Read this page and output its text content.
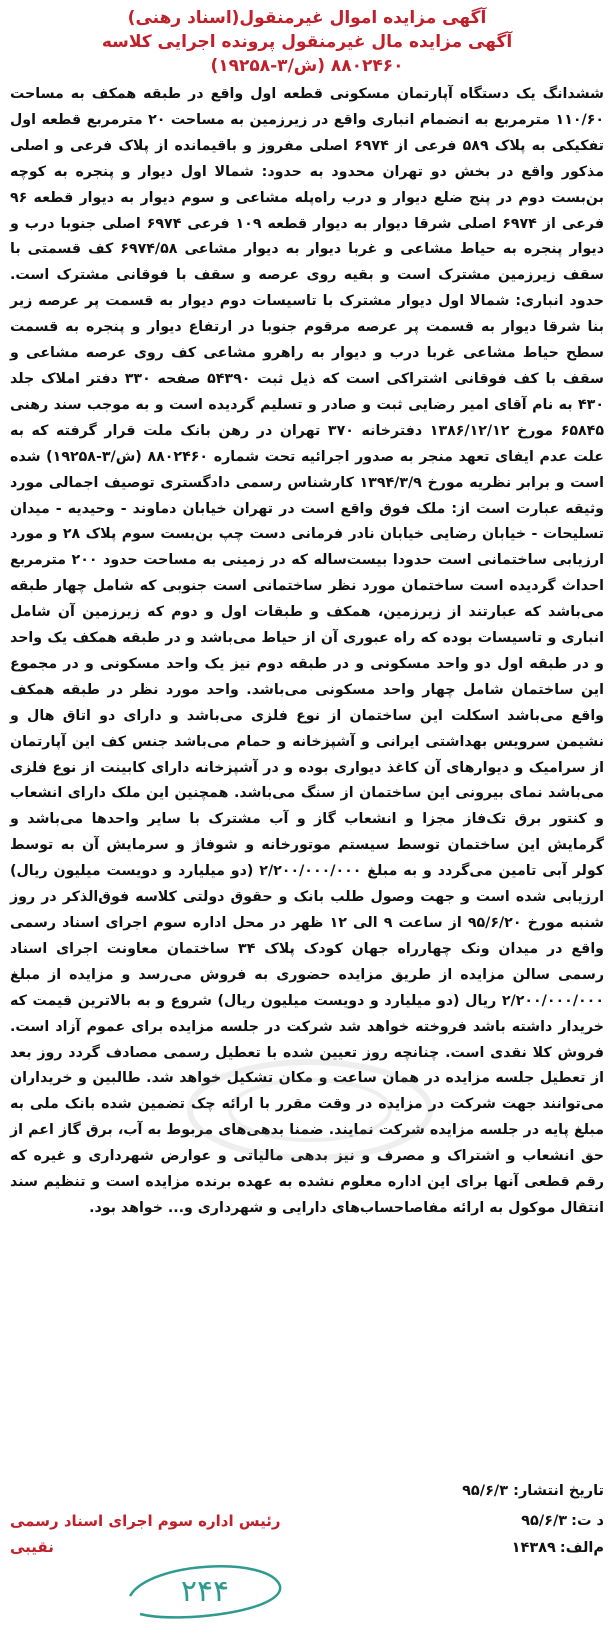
آگهی مزایده اموال غیرمنقول(اسناد رهنی)
آگهی مزایده مال غیرمنقول پرونده اجرایی کلاسه
۸۸۰۲۴۶۰ (ش/۳-۱۹۲۵۸)

ششدانگ یک دستگاه آپارتمان مسکونی قطعه اول واقع در طبقه همکف به مساحت ۱۱۰/۶۰ مترمربع به انضمام انباری واقع در زیرزمین به مساحت ۲۰ مترمربع قطعه اول تفکیکی به پلاک ۵۸۹ فرعی از ۶۹۷۴ اصلی مفروز و باقیمانده از پلاک فرعی و اصلی مذکور واقع در بخش دو تهران محدود به حدود: شمالا اول دیوار و پنجره به کوچه بن‌بست دوم در پنج ضلع دیوار و درب راه‌پله مشاعی و سوم دیوار به دیوار قطعه ۹۶ فرعی از ۶۹۷۴ اصلی شرقا دیوار به دیوار قطعه ۱۰۹ فرعی ۶۹۷۴ اصلی جنوبا درب و دیوار پنجره به حیاط مشاعی و غربا دیوار به دیوار مشاعی ۶۹۷۴/۵۸ کف قسمتی با سقف زیرزمین مشترک است و بقیه روی عرصه و سقف با فوقانی مشترک است. حدود انباری: شمالا اول دیوار مشترک با تاسیسات دوم دیوار به قسمت پر عرصه زیر بنا شرقا دیوار به قسمت پر عرصه مرقوم جنوبا در ارتفاع دیوار و پنجره به قسمت سطح حیاط مشاعی غربا درب و دیوار به راهرو مشاعی کف روی عرصه مشاعی و سقف با کف فوقانی اشتراکی است که ذیل ثبت ۵۴۳۹۰ صفحه ۳۳۰ دفتر املاک جلد ۴۳۰ به نام آقای امیر رضایی ثبت و صادر و تسلیم گردیده است و به موجب سند رهنی ۶۵۸۴۵ مورخ ۱۳۸۶/۱۲/۱۲ دفترخانه ۳۷۰ تهران در رهن بانک ملت قرار گرفته که به علت عدم ایفای تعهد منجر به صدور اجرائیه تحت شماره ۸۸۰۲۴۶۰ (ش/۳-۱۹۲۵۸) شده است و برابر نظریه مورخ ۱۳۹۴/۳/۹ کارشناس رسمی دادگستری توصیف اجمالی مورد وثیقه عبارت است از: ملک فوق واقع است در تهران خیابان دماوند - وحیدیه - میدان تسلیحات - خیابان رضایی خیابان نادر فرمانی دست چپ بن‌بست سوم پلاک ۲۸ و مورد ارزیابی ساختمانی است حدودا بیست‌ساله که در زمینی به مساحت حدود ۲۰۰ مترمربع احداث گردیده است ساختمان مورد نظر ساختمانی است جنوبی که شامل چهار طبقه می‌باشد که عبارتند از زیرزمین، همکف و طبقات اول و دوم که زیرزمین آن شامل انباری و تاسیسات بوده که راه عبوری آن از حیاط می‌باشد و در طبقه همکف یک واحد و در طبقه اول دو واحد مسکونی و در طبقه دوم نیز یک واحد مسکونی و در مجموع این ساختمان شامل چهار واحد مسکونی می‌باشد. واحد مورد نظر در طبقه همکف واقع می‌باشد اسکلت این ساختمان از نوع فلزی می‌باشد و دارای دو اتاق هال و نشیمن سرویس بهداشتی ایرانی و آشپزخانه و حمام می‌باشد جنس کف این آپارتمان از سرامیک و دیوارهای آن کاغذ دیواری بوده و در آشپزخانه دارای کابینت از نوع فلزی می‌باشد نمای بیرونی این ساختمان از سنگ می‌باشد. همچنین این ملک دارای انشعاب و کنتور برق تک‌فاز مجزا و انشعاب گاز و آب مشترک با سایر واحدها می‌باشد و گرمایش این ساختمان توسط سیستم موتورخانه و شوفاژ و سرمایش آن به توسط کولر آبی تامین می‌گردد و به مبلغ ۲/۲۰۰/۰۰۰/۰۰۰ (دو میلیارد و دویست میلیون ریال) ارزیابی شده است و جهت وصول طلب بانک و حقوق دولتی کلاسه فوق‌الذکر در روز شنبه مورخ ۹۵/۶/۲۰ از ساعت ۹ الی ۱۲ ظهر در محل اداره سوم اجرای اسناد رسمی واقع در میدان ونک چهارراه جهان کودک پلاک ۳۴ ساختمان معاونت اجرای اسناد رسمی سالن مزایده از طریق مزایده حضوری به فروش می‌رسد و مزایده از مبلغ ۲/۲۰۰/۰۰۰/۰۰۰ ریال (دو میلیارد و دویست میلیون ریال) شروع و به بالاترین قیمت که خریدار داشته باشد فروخته خواهد شد شرکت در جلسه مزایده برای عموم آزاد است. فروش کلا نقدی است. چنانچه روز تعیین شده با تعطیل رسمی مصادف گردد روز بعد از تعطیل جلسه مزایده در همان ساعت و مکان تشکیل خواهد شد. طالبین و خریداران می‌توانند جهت شرکت در مزایده در وقت مقرر با ارائه چک تضمین شده بانک ملی به مبلغ پایه در جلسه مزایده شرکت نمایند. ضمنا بدهی‌های مربوط به آب، برق گاز اعم از حق انشعاب و اشتراک و مصرف و نیز بدهی مالیاتی و عوارض شهرداری و غیره که رقم قطعی آنها برای این اداره معلوم نشده به عهده برنده مزایده است و تنظیم سند انتقال موکول به ارائه مفاصاحساب‌های دارایی و شهرداری و... خواهد بود.

تاریخ انتشار: ۹۵/۶/۳
د ت:
۹۵/۶/۳
م‌الف:
۱۴۳۸۹
رئیس اداره سوم اجرای اسناد رسمی
نقیبی
۲۴۴
